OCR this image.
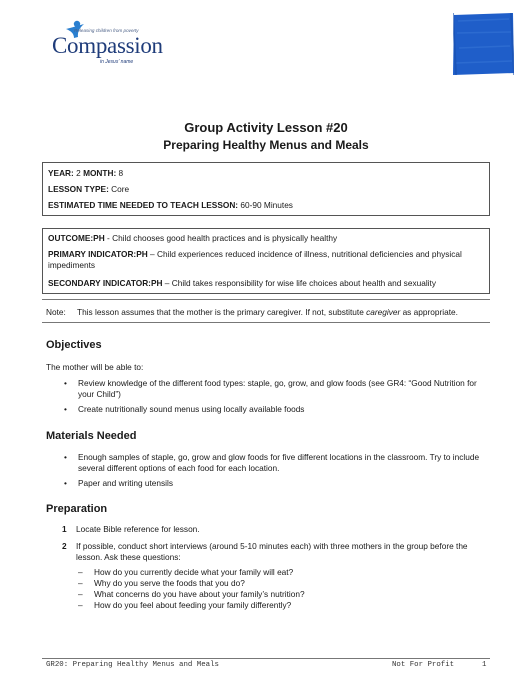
Releasing children from poverty
Compassion
in Jesus' name
Group Activity Lesson #20
Preparing Healthy Menus and Meals
YEAR: 2 MONTH: 8
LESSON TYPE: Core
ESTIMATED TIME NEEDED TO TEACH LESSON: 60-90 Minutes
OUTCOME:PH - Child chooses good health practices and is physically healthy
PRIMARY INDICATOR:PH – Child experiences reduced incidence of illness, nutritional deficiencies and physical impediments
SECONDARY INDICATOR:PH – Child takes responsibility for wise life choices about health and sexuality
Note: This lesson assumes that the mother is the primary caregiver. If not, substitute caregiver as appropriate.
Objectives
The mother will be able to:
• Review knowledge of the different food types: staple, go, grow, and glow foods (see GR4: “Good Nutrition for your Child”)
• Create nutritionally sound menus using locally available foods
Materials Needed
• Enough samples of staple, go, grow and glow foods for five different locations in the classroom. Try to include several different options of each food for each location.
• Paper and writing utensils
Preparation
1 Locate Bible reference for lesson.
2 If possible, conduct short interviews (around 5-10 minutes each) with three mothers in the group before the lesson. Ask these questions:
– How do you currently decide what your family will eat?
– Why do you serve the foods that you do?
– What concerns do you have about your family’s nutrition?
– How do you feel about feeding your family differently?
GR20: Preparing Healthy Menus and Meals	Not For Profit	1
